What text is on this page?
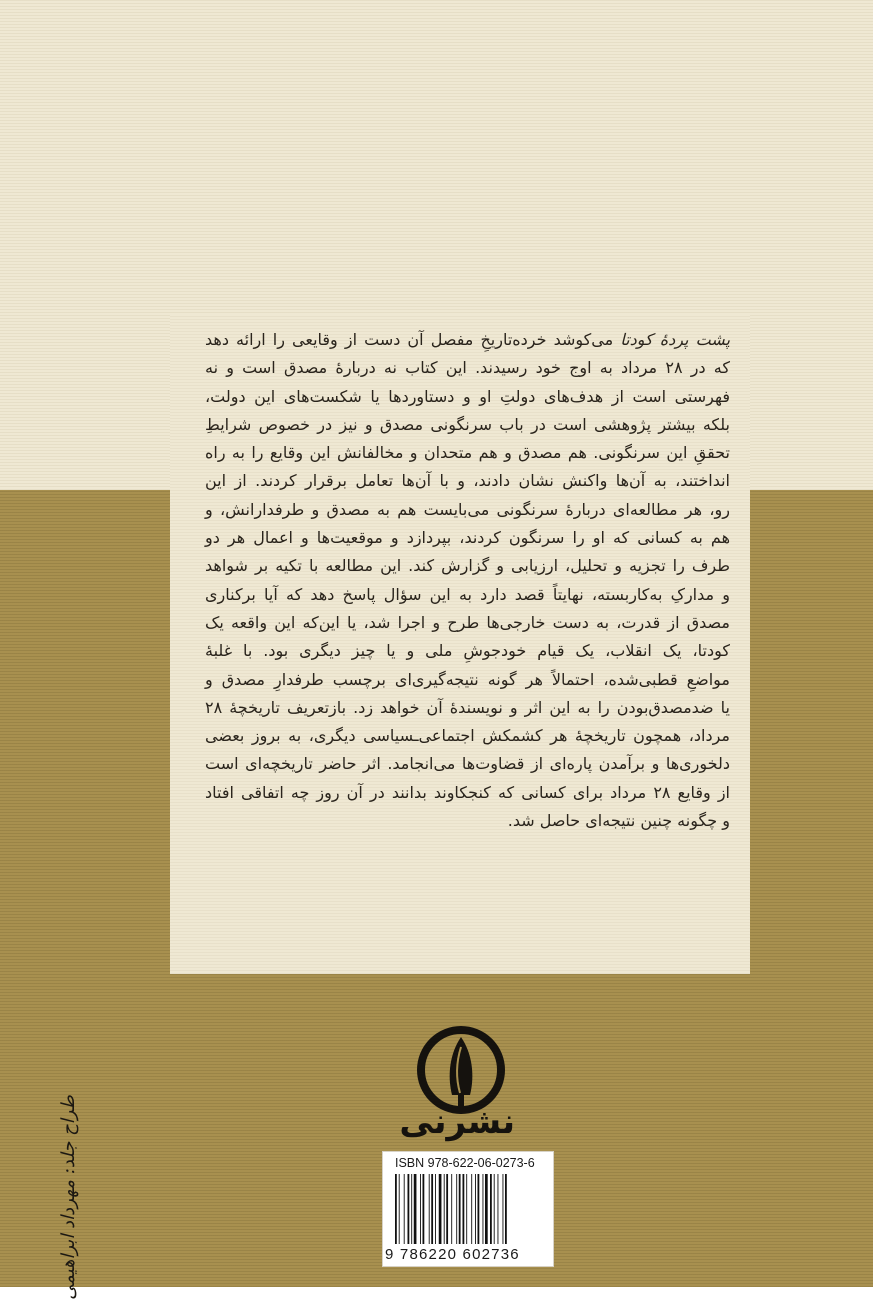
پشت پردهٔ کودتا می‌کوشد خرده‌تاریخِ مفصل آن دست از وقایعی را ارائه دهد
که در ۲۸ مرداد به اوج خود رسیدند. این کتاب نه دربارهٔ مصدق است و نه
فهرستی است از هدف‌های دولتِ او و دستاوردها یا شکست‌های این دولت،
بلکه بیشتر پژوهشی است در باب سرنگونی مصدق و نیز در خصوص شرایطِ
تحققِ این سرنگونی. هم مصدق و هم متحدان و مخالفانش این وقایع را به راه
انداختند، به آن‌ها واکنش نشان دادند، و با آن‌ها تعامل برقرار کردند. از این
رو، هر مطالعه‌ای دربارهٔ سرنگونی می‌بایست هم به مصدق و طرفدارانش، و
هم به کسانی که او را سرنگون کردند، بپردازد و موقعیت‌ها و اعمال هر دو
طرف را تجزیه و تحلیل، ارزیابی و گزارش کند. این مطالعه با تکیه بر شواهد
و مدارکِ به‌کاربسته، نهایتاً قصد دارد به این سؤال پاسخ دهد که آیا برکناری
مصدق از قدرت، به دست خارجی‌ها طرح و اجرا شد، یا این‌که این واقعه یک
کودتا، یک انقلاب، یک قیام خودجوشِ ملی و یا چیز دیگری بود. با غلبهٔ
مواضعِ قطبی‌شده، احتمالاً هر گونه نتیجه‌گیری‌ای برچسب طرفدارِ مصدق و
یا ضدمصدق‌بودن را به این اثر و نویسندهٔ آن خواهد زد. بازتعریف تاریخچهٔ ۲۸
مرداد، همچون تاریخچهٔ هر کشمکش اجتماعی‌ـسیاسی دیگری، به بروز بعضی
دلخوری‌ها و برآمدن پاره‌ای از قضاوت‌ها می‌انجامد. اثر حاضر تاریخچه‌ای است
از وقایع ۲۸ مرداد برای کسانی که کنجکاوند بدانند در آن روز چه اتفاقی افتاد
و چگونه چنین نتیجه‌ای حاصل شد.
نشرنی
ISBN 978-622-06-0273-6
9 786220 602736
طراح جلد: مهرداد ابراهیمی
